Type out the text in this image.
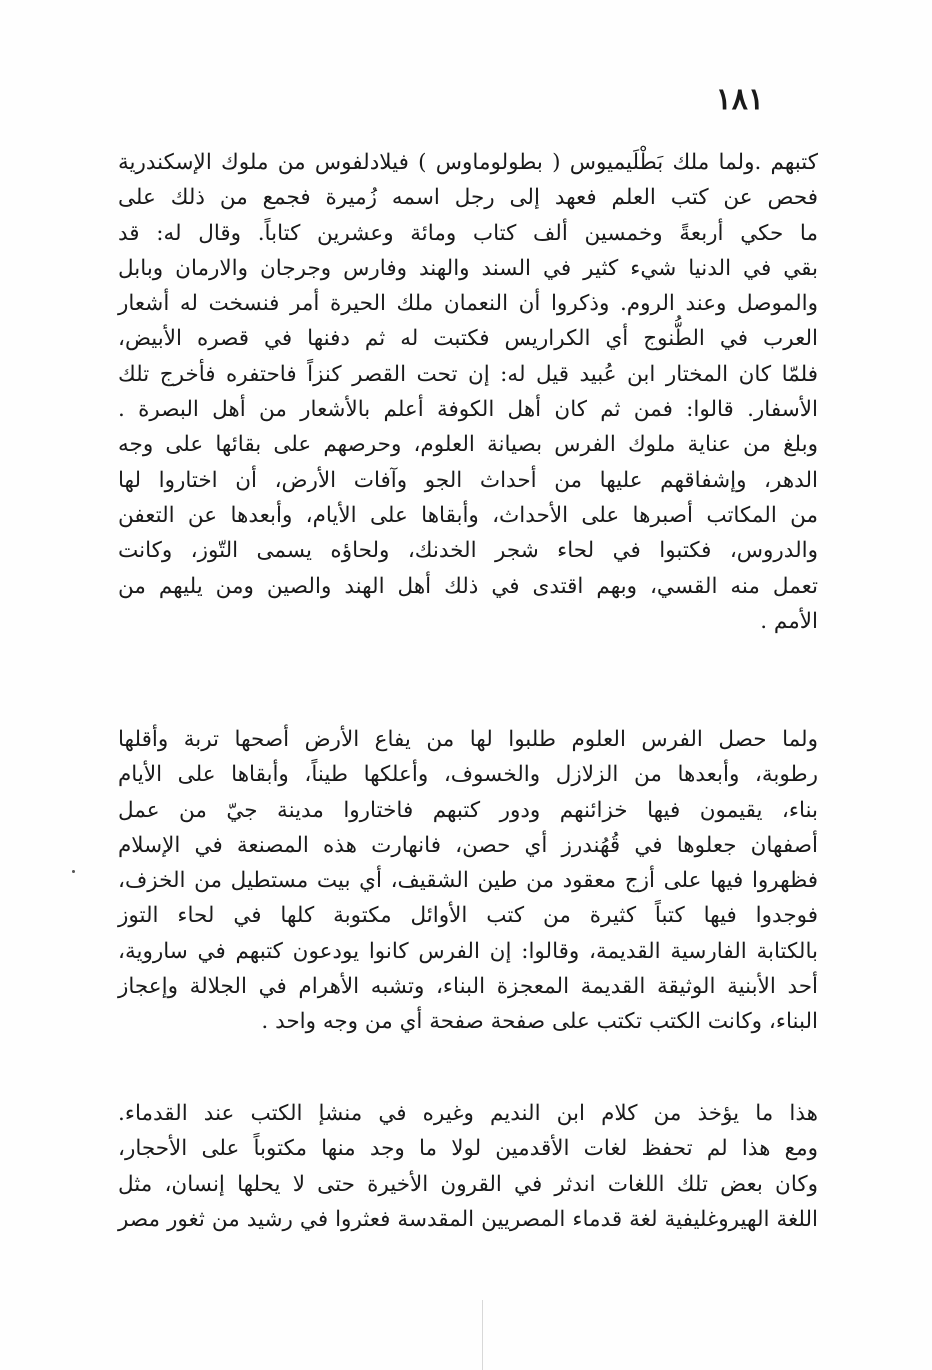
١٨١
كتبهم .ولما ملك بَطْلَيميوس ( بطولوماوس ) فيلادلفوس من ملوك الإسكندرية
فحص عن كتب العلم فعهد إلى رجل اسمه زُميرة فجمع من ذلك على
ما حكي أربعةً وخمسين ألف كتاب ومائة وعشرين كتاباً. وقال له: قد
بقي في الدنيا شيء كثير في السند والهند وفارس وجرجان والارمان وبابل
والموصل وعند الروم. وذكروا أن النعمان ملك الحيرة أمر فنسخت له أشعار
العرب في الطُّنوج أي الكراريس فكتبت له ثم دفنها في قصره الأبيض،
فلمّا كان المختار ابن عُبيد قيل له: إن تحت القصر كنزاً فاحتفره فأخرج تلك
الأسفار. قالوا: فمن ثم كان أهل الكوفة أعلم بالأشعار من أهل البصرة .
وبلغ من عناية ملوك الفرس بصيانة العلوم، وحرصهم على بقائها على وجه
الدهر، وإشفاقهم عليها من أحداث الجو وآفات الأرض، أن اختاروا لها
من المكاتب أصبرها على الأحداث، وأبقاها على الأيام، وأبعدها عن التعفن
والدروس، فكتبوا في لحاء شجر الخدنك، ولحاؤه يسمى التّوز، وكانت
تعمل منه القسي، وبهم اقتدى في ذلك أهل الهند والصين ومن يليهم من
الأمم .
ولما حصل الفرس العلوم طلبوا لها من يفاع الأرض أصحها تربة وأقلها
رطوبة، وأبعدها من الزلازل والخسوف، وأعلكها طيناً، وأبقاها على الأيام
بناء، يقيمون فيها خزائنهم ودور كتبهم فاختاروا مدينة جيّ من عمل
أصفهان جعلوها في قُهُندرز أي حصن، فانهارت هذه المصنعة في الإسلام
فظهروا فيها على أزج معقود من طين الشقيف، أي بيت مستطيل من الخزف،
فوجدوا فيها كتباً كثيرة من كتب الأوائل مكتوبة كلها في لحاء التوز
بالكتابة الفارسية القديمة، وقالوا: إن الفرس كانوا يودعون كتبهم في ساروية،
أحد الأبنية الوثيقة القديمة المعجزة البناء، وتشبه الأهرام في الجلالة وإعجاز
البناء، وكانت الكتب تكتب على صفحة صفحة أي من وجه واحد .
هذا ما يؤخذ من كلام ابن النديم وغيره في منشإ الكتب عند القدماء.
ومع هذا لم تحفظ لغات الأقدمين لولا ما وجد منها مكتوباً على الأحجار،
وكان بعض تلك اللغات اندثر في القرون الأخيرة حتى لا يحلها إنسان، مثل
اللغة الهيروغليفية لغة قدماء المصريين المقدسة فعثروا في رشيد من ثغور مصر
